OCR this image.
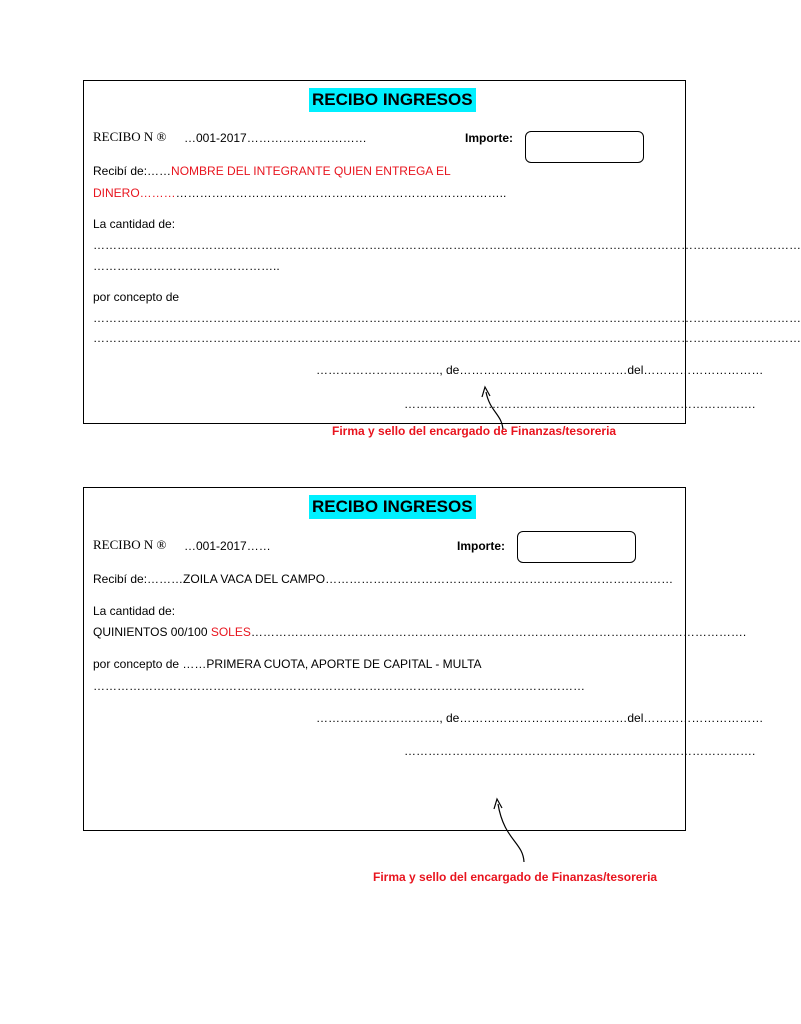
RECIBO INGRESOS
RECIBO N ® …001-2017…………………………	Importe:
Recibí de:……NOMBRE DEL INTEGRANTE QUIEN ENTREGA EL
DINERO………………………………………………………………………………..
La cantidad de:
……………………………………………………………………………………………………………………………………………………………
………………………………………..
por concepto de
……………………………………………………………………………………………………………………………………………………………
……………………………………………………………………………………………………………………………………………………………
…………………………., de……………………………………del…………………………
…………………………………………………………………………….
Firma y sello del encargado de Finanzas/tesoreria
RECIBO INGRESOS
RECIBO N ® …001-2017……	Importe:
Recibí de:………ZOILA VACA DEL CAMPO……………………………………………………………………………
La cantidad de:
QUINIENTOS 00/100 SOLES…………………………………………………………………………………………………………….
por concepto de ……PRIMERA CUOTA, APORTE DE CAPITAL - MULTA
……………………………………………………………………………………………………………
…………………………., de……………………………………del…………………………
…………………………………………………………………………….
Firma y sello del encargado de Finanzas/tesoreria
